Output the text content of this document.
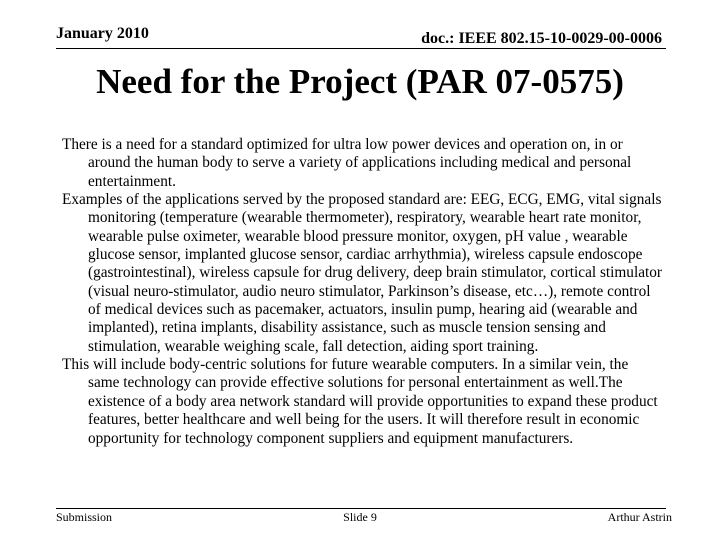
January 2010	doc.: IEEE 802.15-10-0029-00-0006
Need for the Project (PAR 07-0575)

There is a need for a standard optimized for ultra low power devices and operation on, in or around the human body to serve a variety of applications including medical and personal entertainment.

Examples of the applications served by the proposed standard are: EEG, ECG, EMG, vital signals monitoring (temperature (wearable thermometer), respiratory, wearable heart rate monitor, wearable pulse oximeter, wearable blood pressure monitor, oxygen, pH value , wearable glucose sensor, implanted glucose sensor, cardiac arrhythmia), wireless capsule endoscope (gastrointestinal), wireless capsule for drug delivery, deep brain stimulator, cortical stimulator (visual neuro-stimulator, audio neuro stimulator, Parkinson’s disease, etc…), remote control of medical devices such as pacemaker, actuators, insulin pump, hearing aid (wearable and implanted), retina implants, disability assistance, such as muscle tension sensing and stimulation, wearable weighing scale, fall detection, aiding sport training.

This will include body-centric solutions for future wearable computers. In a similar vein, the same technology can provide effective solutions for personal entertainment as well.The existence of a body area network standard will provide opportunities to expand these product features, better healthcare and well being for the users. It will therefore result in economic opportunity for technology component suppliers and equipment manufacturers.

Submission	Slide 9	Arthur Astrin
